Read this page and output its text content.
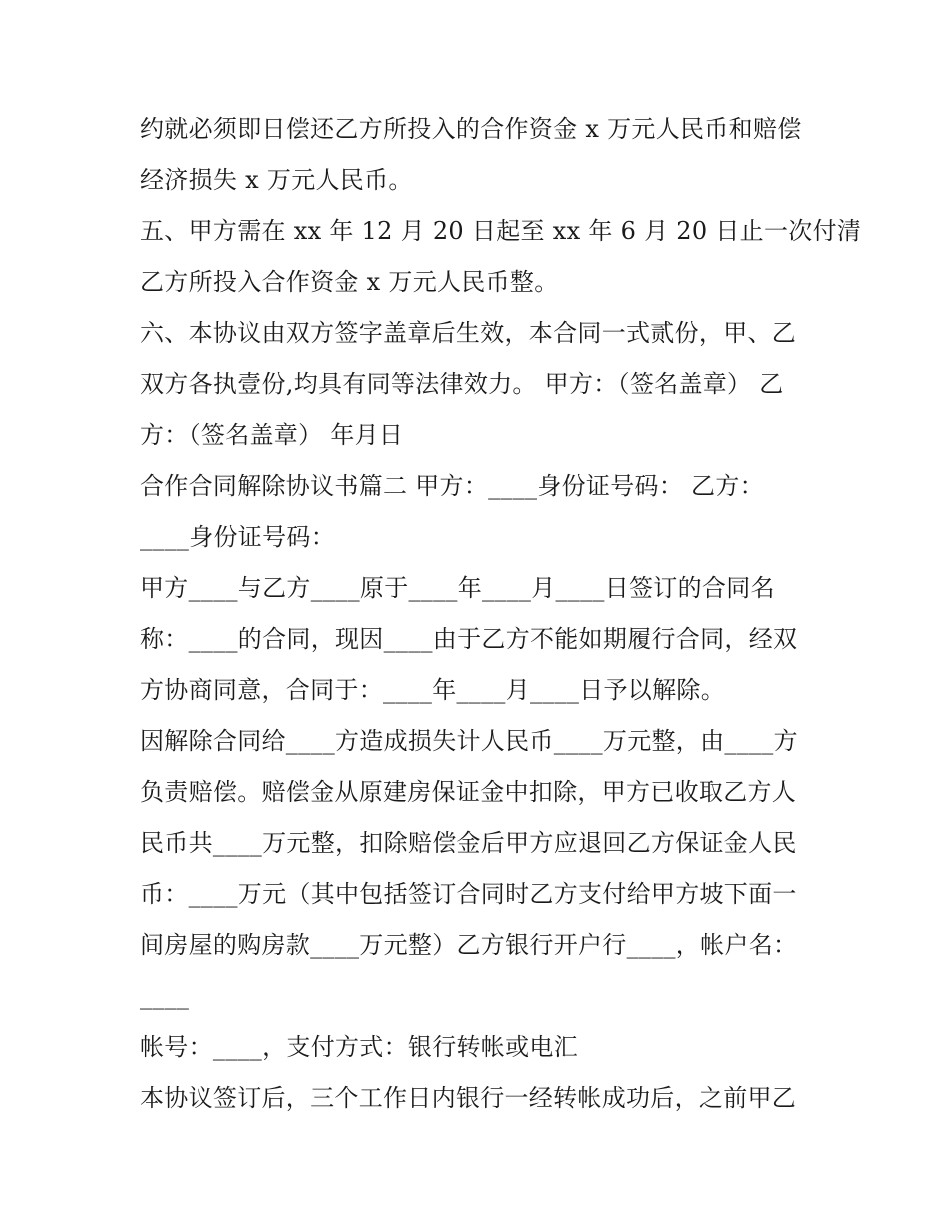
约就必须即日偿还乙方所投入的合作资金 x 万元人民币和赔偿
经济损失 x 万元人民币。
五、甲方需在 xx 年 12 月 20 日起至 xx 年 6 月 20 日止一次付清
乙方所投入合作资金 x 万元人民币整。
六、本协议由双方签字盖章后生效，本合同一式贰份，甲、乙
双方各执壹份,均具有同等法律效力。 甲方：（签名盖章） 乙
方：（签名盖章） 年月日
合作合同解除协议书篇二 甲方：____身份证号码： 乙方：
____身份证号码：
甲方____与乙方____原于____年____月____日签订的合同名
称：____的合同，现因____由于乙方不能如期履行合同，经双
方协商同意，合同于：____年____月____日予以解除。
因解除合同给____方造成损失计人民币____万元整，由____方
负责赔偿。赔偿金从原建房保证金中扣除，甲方已收取乙方人
民币共____万元整，扣除赔偿金后甲方应退回乙方保证金人民
币：____万元（其中包括签订合同时乙方支付给甲方坡下面一
间房屋的购房款____万元整）乙方银行开户行____，帐户名：
____
帐号：____，支付方式：银行转帐或电汇
本协议签订后，三个工作日内银行一经转帐成功后，之前甲乙
